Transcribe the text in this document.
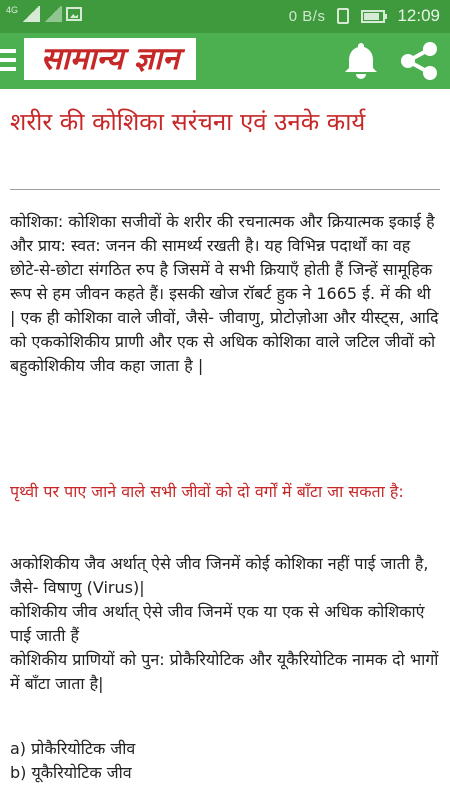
4G	0 B/s	12:09
सामान्य ज्ञान
शरीर की कोशिका सरंचना एवं उनके कार्य

कोशिका: कोशिका सजीवों के शरीर की रचनात्मक और क्रियात्मक इकाई है और प्राय: स्वत: जनन की सामर्थ्य रखती है। यह विभिन्न पदार्थों का वह छोटे-से-छोटा संगठित रुप है जिसमें वे सभी क्रियाएँ होती हैं जिन्हें सामूहिक रूप से हम जीवन कहते हैं। इसकी खोज रॉबर्ट हुक ने 1665 ई. में की थी | एक ही कोशिका वाले जीवों, जैसे- जीवाणु, प्रोटोज़ोआ और यीस्ट्स, आदि को एककोशिकीय प्राणी और एक से अधिक कोशिका वाले जटिल जीवों को बहुकोशिकीय जीव कहा जाता है |

पृथ्वी पर पाए जाने वाले सभी जीवों को दो वर्गों में बाँटा जा सकता है:

अकोशिकीय जैव अर्थात् ऐसे जीव जिनमें कोई कोशिका नहीं पाई जाती है, जैसे- विषाणु (Virus)|
कोशिकीय जीव अर्थात् ऐसे जीव जिनमें एक या एक से अधिक कोशिकाएं पाई जाती हैं
कोशिकीय प्राणियों को पुन: प्रोकैरियोटिक और यूकैरियोटिक नामक दो भागों में बाँटा जाता है|
a) प्रोकैरियोटिक जीव
b) यूकैरियोटिक जीव
